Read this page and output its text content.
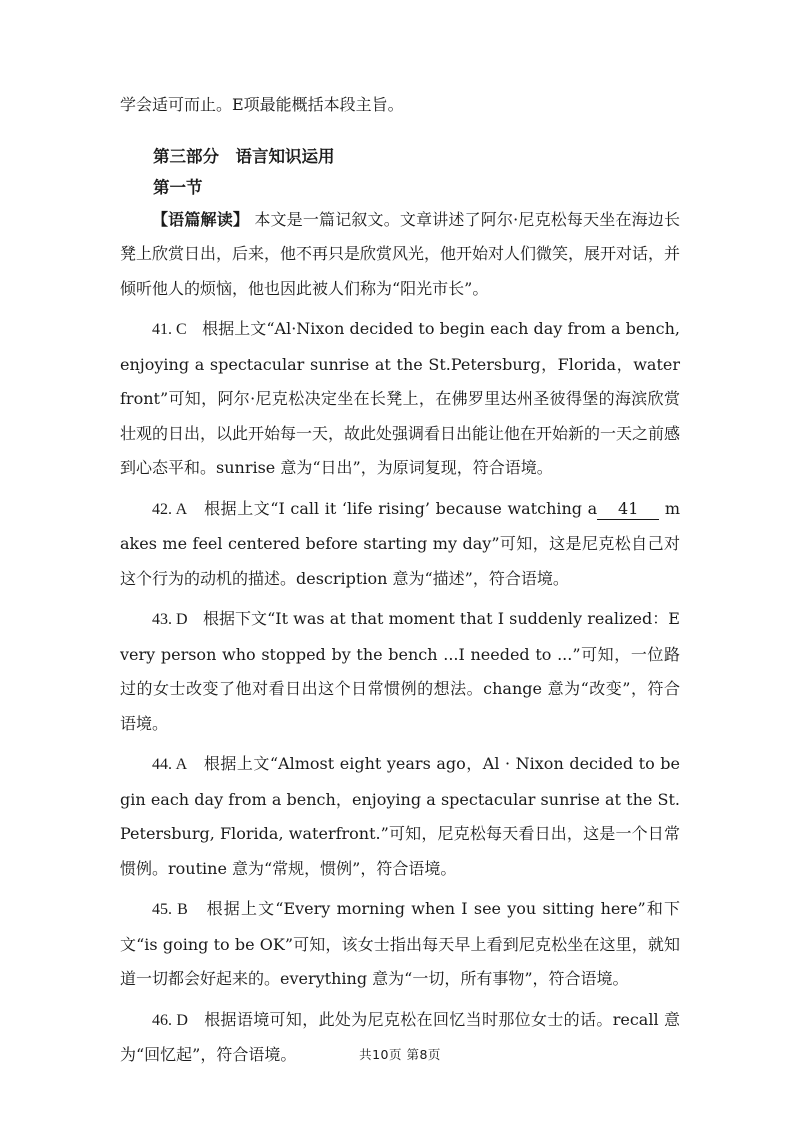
学会适可而止。E项最能概括本段主旨。

第三部分　语言知识运用

第一节

【语篇解读】 本文是一篇记叙文。文章讲述了阿尔·尼克松每天坐在海边长凳上欣赏日出，后来，他不再只是欣赏风光，他开始对人们微笑，展开对话，并倾听他人的烦恼，他也因此被人们称为“阳光市长”。

41. C 根据上文“Al·Nixon decided to begin each day from a bench, enjoying a spectacular sunrise at the St.Petersburg，Florida，waterfront”可知，阿尔·尼克松决定坐在长凳上，在佛罗里达州圣彼得堡的海滨欣赏壮观的日出，以此开始每一天，故此处强调看日出能让他在开始新的一天之前感到心态平和。sunrise 意为“日出”，为原词复现，符合语境。

42. A 根据上文“I call it ‘life rising’ because watching a 41 makes me feel centered before starting my day”可知，这是尼克松自己对这个行为的动机的描述。description 意为“描述”，符合语境。

43. D 根据下文“It was at that moment that I suddenly realized：Every person who stopped by the bench ...I needed to ...”可知，一位路过的女士改变了他对看日出这个日常惯例的想法。change 意为“改变”，符合语境。

44. A 根据上文“Almost eight years ago，Al · Nixon decided to begin each day from a bench，enjoying a spectacular sunrise at the St.Petersburg, Florida, waterfront.”可知，尼克松每天看日出，这是一个日常惯例。routine 意为“常规，惯例”，符合语境。

45. B 根据上文“Every morning when I see you sitting here”和下文“is going to be OK”可知，该女士指出每天早上看到尼克松坐在这里，就知道一切都会好起来的。everything 意为“一切，所有事物”，符合语境。

46. D 根据语境可知，此处为尼克松在回忆当时那位女士的话。recall 意为“回忆起”，符合语境。	共10页 第8页
